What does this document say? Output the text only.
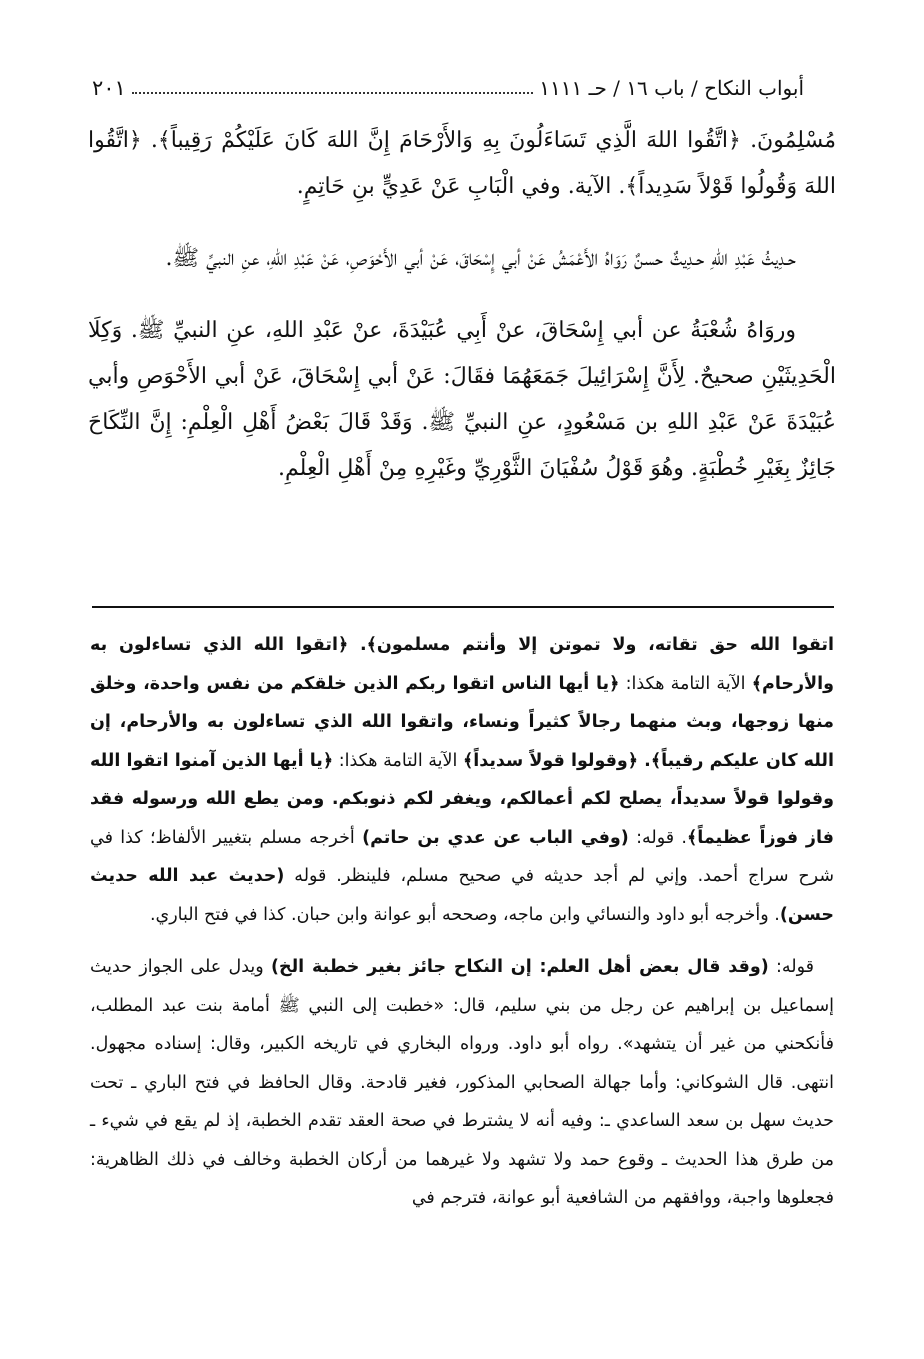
أبواب النكاح / باب ١٦ / حـ ١١١١
٢٠١

مُسْلِمُونَ. ﴿اتَّقُوا اللهَ الَّذِي تَسَاءَلُونَ بِهِ وَالأَرْحَامَ إِنَّ اللهَ كَانَ عَلَيْكُمْ رَقِيباً﴾. ﴿اتَّقُوا اللهَ وَقُولُوا قَوْلاً سَدِيداً﴾. الآية. وفي الْبَابِ عَنْ عَدِيٍّ بنِ حَاتِمٍ.

حـدِيثُ عَبْدِ اللهِ حـدِيثٌ حسنٌ رَوَاهُ الأَعْمَشُ عَنْ أبي إِسْحَاقَ، عَنْ أبي الأَحْوَصِ، عَنْ عَبْدِ اللهِ، عنِ النبيِّ ﷺ.

وروَاهُ شُعْبَةُ عن أبي إِسْحَاقَ، عنْ أَبِي عُبَيْدَةَ، عنْ عَبْدِ اللهِ، عنِ النبيِّ ﷺ. وَكِلَا الْحَدِيثَيْنِ صحيحٌ. لِأَنَّ إِسْرَائِيلَ جَمَعَهُمَا فقَالَ: عَنْ أبي إِسْحَاقَ، عَنْ أبي الأَحْوَصِ وأبي عُبَيْدَةَ عَنْ عَبْدِ اللهِ بن مَسْعُودٍ، عنِ النبيِّ ﷺ. وَقَدْ قَالَ بَعْضُ أَهْلِ الْعِلْمِ: إِنَّ النِّكَاحَ جَائِزٌ بِغَيْرِ خُطْبَةٍ. وهُوَ قَوْلُ سُفْيَانَ الثَّوْرِيِّ وغَيْرِهِ مِنْ أَهْلِ الْعِلْمِ.

اتقوا الله حق تقاته، ولا تموتن إلا وأنتم مسلمون﴾. ﴿اتقوا الله الذي تساءلون به والأرحام﴾ الآية التامة هكذا: ﴿يا أيها الناس اتقوا ربكم الذين خلقكم من نفس واحدة، وخلق منها زوجها، وبث منهما رجالاً كثيراً ونساء، واتقوا الله الذي تساءلون به والأرحام، إن الله كان عليكم رقيباً﴾. ﴿وقولوا قولاً سديداً﴾ الآية التامة هكذا: ﴿يا أيها الذين آمنوا اتقوا الله وقولوا قولاً سديداً، يصلح لكم أعمالكم، ويغفر لكم ذنوبكم. ومن يطع الله ورسوله فقد فاز فوزاً عظيماً﴾. قوله: (وفي الباب عن عدي بن حاتم) أخرجه مسلم بتغيير الألفاظ؛ كذا في شرح سراج أحمد. وإني لم أجد حديثه في صحيح مسلم، فلينظر. قوله (حديث عبد الله حديث حسن). وأخرجه أبو داود والنسائي وابن ماجه، وصححه أبو عوانة وابن حبان. كذا في فتح الباري.

قوله: (وقد قال بعض أهل العلم: إن النكاح جائز بغير خطبة الخ) ويدل على الجواز حديث إسماعيل بن إبراهيم عن رجل من بني سليم، قال: «خطبت إلى النبي ﷺ أمامة بنت عبد المطلب، فأنكحني من غير أن يتشهد». رواه أبو داود. ورواه البخاري في تاريخه الكبير، وقال: إسناده مجهول. انتهى. قال الشوكاني: وأما جهالة الصحابي المذكور، فغير قادحة. وقال الحافظ في فتح الباري ـ تحت حديث سهل بن سعد الساعدي ـ: وفيه أنه لا يشترط في صحة العقد تقدم الخطبة، إذ لم يقع في شيء ـ من طرق هذا الحديث ـ وقوع حمد ولا تشهد ولا غيرهما من أركان الخطبة وخالف في ذلك الظاهرية: فجعلوها واجبة، ووافقهم من الشافعية أبو عوانة، فترجم في
